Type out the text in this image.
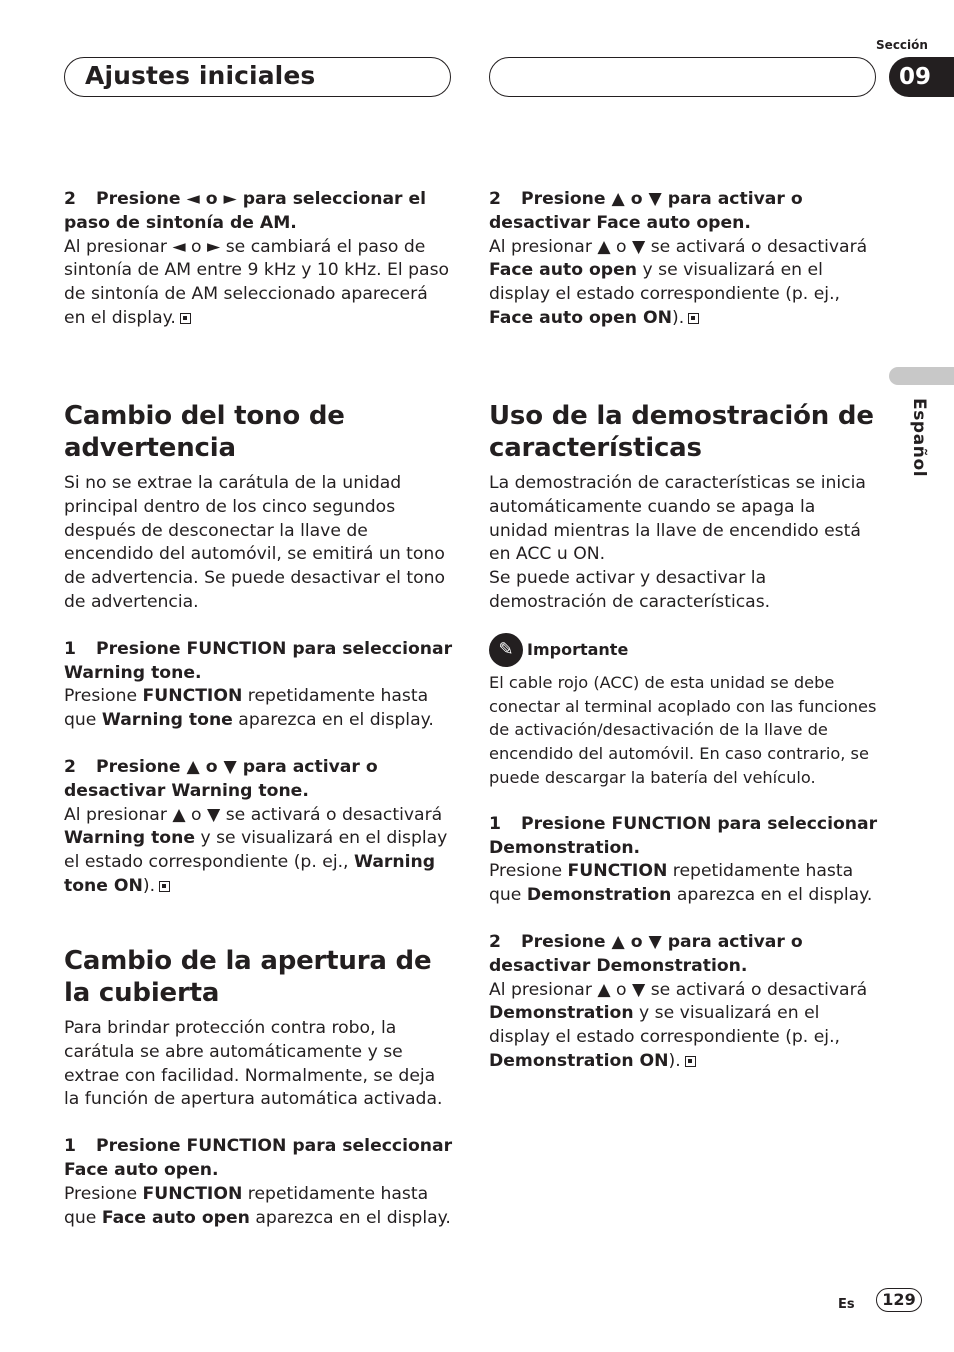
Ajustes iniciales
Sección
09
Español

2 Presione ◄ o ► para seleccionar el paso de sintonía de AM.

Al presionar ◄ o ► se cambiará el paso de sintonía de AM entre 9 kHz y 10 kHz. El paso de sintonía de AM seleccionado aparecerá en el display.

Cambio del tono de advertencia

Si no se extrae la carátula de la unidad principal dentro de los cinco segundos después de desconectar la llave de encendido del automóvil, se emitirá un tono de advertencia. Se puede desactivar el tono de advertencia.

1 Presione FUNCTION para seleccionar Warning tone.

Presione FUNCTION repetidamente hasta que Warning tone aparezca en el display.

2 Presione ▲ o ▼ para activar o desactivar Warning tone.

Al presionar ▲ o ▼ se activará o desactivará Warning tone y se visualizará en el display el estado correspondiente (p. ej., Warning tone ON).

Cambio de la apertura de la cubierta

Para brindar protección contra robo, la carátula se abre automáticamente y se extrae con facilidad. Normalmente, se deja la función de apertura automática activada.

1 Presione FUNCTION para seleccionar Face auto open.

Presione FUNCTION repetidamente hasta que Face auto open aparezca en el display.

2 Presione ▲ o ▼ para activar o desactivar Face auto open.

Al presionar ▲ o ▼ se activará o desactivará Face auto open y se visualizará en el display el estado correspondiente (p. ej., Face auto open ON).

Uso de la demostración de características

La demostración de características se inicia automáticamente cuando se apaga la unidad mientras la llave de encendido está en ACC u ON.

Se puede activar y desactivar la demostración de características.

✎ Importante

El cable rojo (ACC) de esta unidad se debe conectar al terminal acoplado con las funciones de activación/desactivación de la llave de encendido del automóvil. En caso contrario, se puede descargar la batería del vehículo.

1 Presione FUNCTION para seleccionar Demonstration.

Presione FUNCTION repetidamente hasta que Demonstration aparezca en el display.

2 Presione ▲ o ▼ para activar o desactivar Demonstration.

Al presionar ▲ o ▼ se activará o desactivará Demonstration y se visualizará en el display el estado correspondiente (p. ej., Demonstration ON).

Es	129
